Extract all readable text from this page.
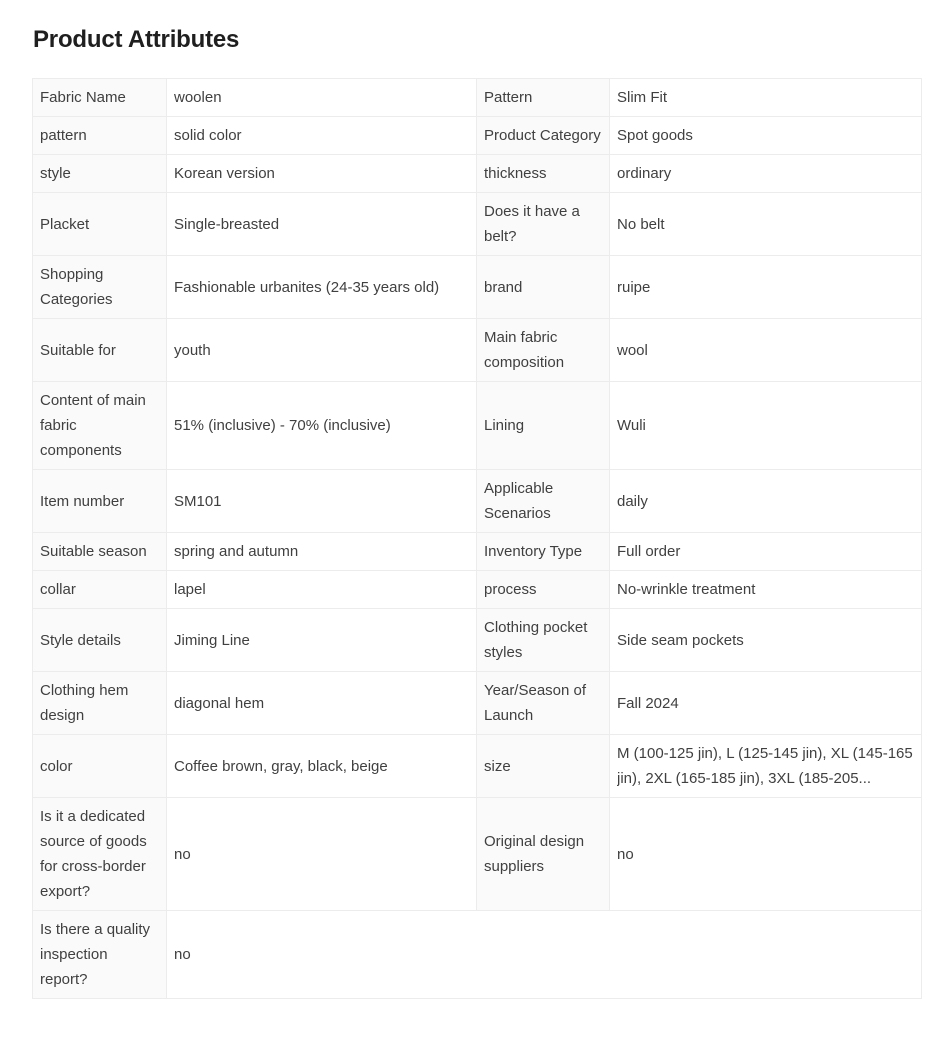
Product Attributes
Fabric Name	woolen	Pattern	Slim Fit
pattern	solid color	Product Category	Spot goods
style	Korean version	thickness	ordinary
Placket	Single-breasted	Does it have a belt?	No belt
Shopping Categories	Fashionable urbanites (24-35 years old)	brand	ruipe
Suitable for	youth	Main fabric composition	wool
Content of main fabric components	51% (inclusive) - 70% (inclusive)	Lining	Wuli
Item number	SM101	Applicable Scenarios	daily
Suitable season	spring and autumn	Inventory Type	Full order
collar	lapel	process	No-wrinkle treatment
Style details	Jiming Line	Clothing pocket styles	Side seam pockets
Clothing hem design	diagonal hem	Year/Season of Launch	Fall 2024
color	Coffee brown, gray, black, beige	size	M (100-125 jin), L (125-145 jin), XL (145-165 jin), 2XL (165-185 jin), 3XL (185-205...

Is it a dedicated source of goods for cross-border export?	no	Original design suppliers	no
Is there a quality inspection report?	no		
